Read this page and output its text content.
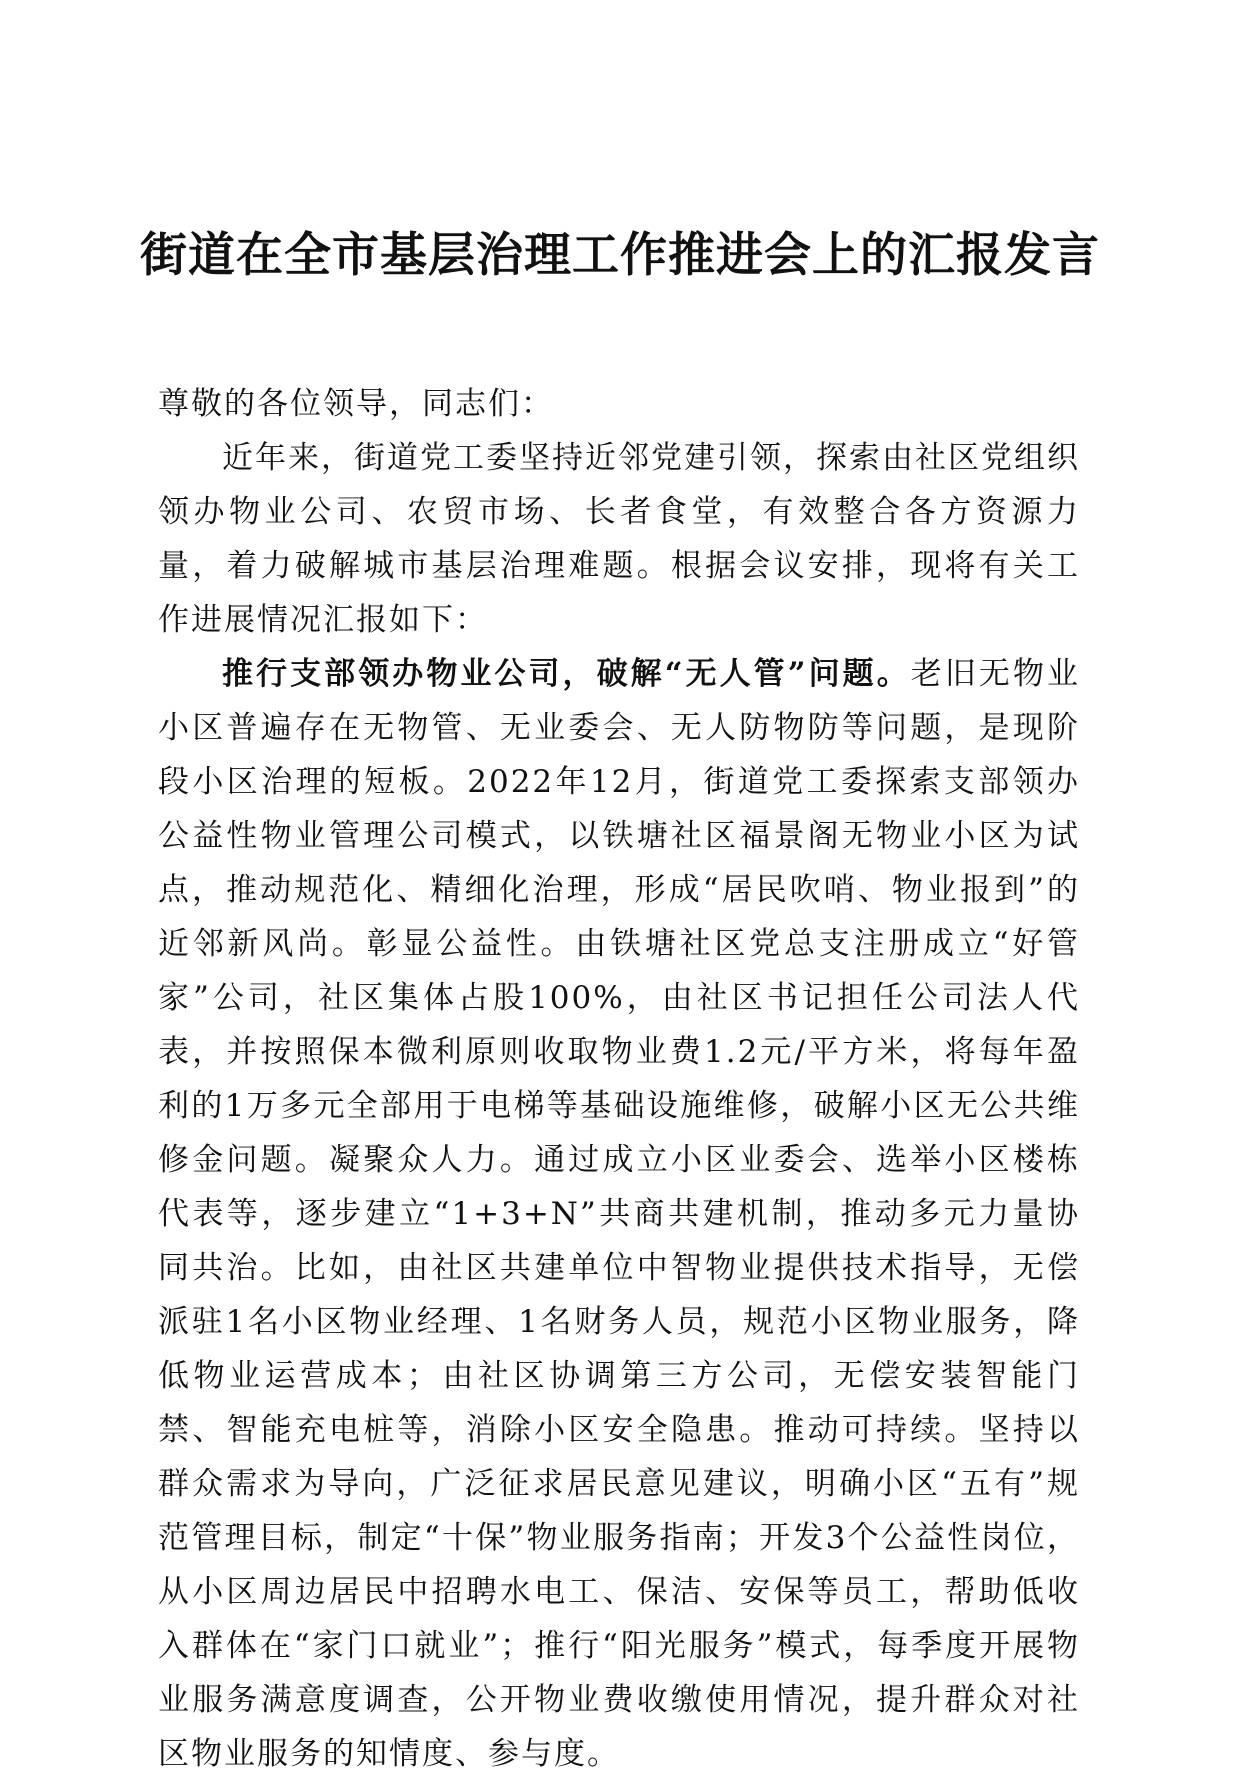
街道在全市基层治理工作推进会上的汇报发言

尊敬的各位领导，同志们：

近年来，街道党工委坚持近邻党建引领，探索由社区党组织领办物业公司、农贸市场、长者食堂，有效整合各方资源力量，着力破解城市基层治理难题。根据会议安排，现将有关工作进展情况汇报如下：

推行支部领办物业公司，破解“无人管”问题。老旧无物业小区普遍存在无物管、无业委会、无人防物防等问题，是现阶段小区治理的短板。2022年12月，街道党工委探索支部领办公益性物业管理公司模式，以铁塘社区福景阁无物业小区为试点，推动规范化、精细化治理，形成“居民吹哨、物业报到”的近邻新风尚。彰显公益性。由铁塘社区党总支注册成立“好管家”公司，社区集体占股100%，由社区书记担任公司法人代表，并按照保本微利原则收取物业费1.2元/平方米，将每年盈利的1万多元全部用于电梯等基础设施维修，破解小区无公共维修金问题。凝聚众人力。通过成立小区业委会、选举小区楼栋代表等，逐步建立“1+3+N”共商共建机制，推动多元力量协同共治。比如，由社区共建单位中智物业提供技术指导，无偿派驻1名小区物业经理、1名财务人员，规范小区物业服务，降低物业运营成本；由社区协调第三方公司，无偿安装智能门禁、智能充电桩等，消除小区安全隐患。推动可持续。坚持以群众需求为导向，广泛征求居民意见建议，明确小区“五有”规范管理目标，制定“十保”物业服务指南；开发3个公益性岗位，从小区周边居民中招聘水电工、保洁、安保等员工，帮助低收入群体在“家门口就业”；推行“阳光服务”模式，每季度开展物业服务满意度调查，公开物业费收缴使用情况，提升群众对社区物业服务的知情度、参与度。
